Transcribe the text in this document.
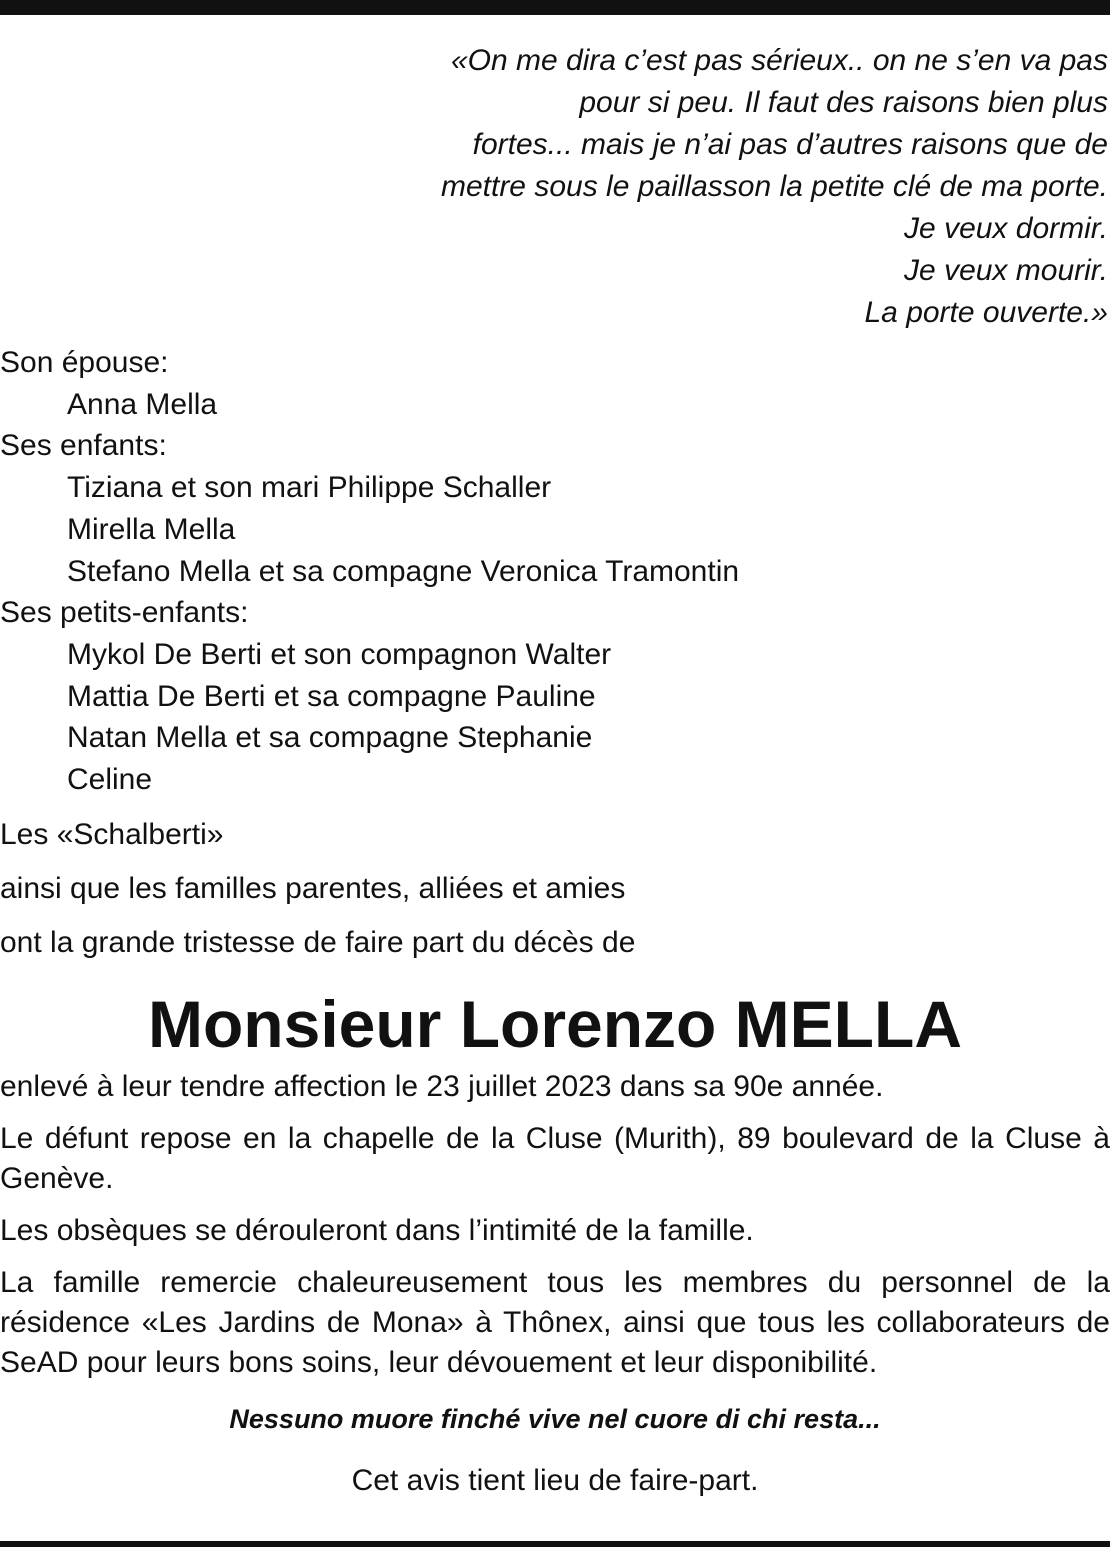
«On me dira c’est pas sérieux.. on ne s’en va pas
pour si peu. Il faut des raisons bien plus
fortes... mais je n’ai pas d’autres raisons que de
mettre sous le paillasson la petite clé de ma porte.
Je veux dormir.
Je veux mourir.
La porte ouverte.»
Son épouse:
Anna Mella
Ses enfants:
Tiziana et son mari Philippe Schaller
Mirella Mella
Stefano Mella et sa compagne Veronica Tramontin
Ses petits-enfants:
Mykol De Berti et son compagnon Walter
Mattia De Berti et sa compagne Pauline
Natan Mella et sa compagne Stephanie
Celine

Les «Schalberti»

ainsi que les familles parentes, alliées et amies

ont la grande tristesse de faire part du décès de

Monsieur Lorenzo MELLA

enlevé à leur tendre affection le 23 juillet 2023 dans sa 90e année.

Le défunt repose en la chapelle de la Cluse (Murith), 89 boulevard de la Cluse à Genève.

Les obsèques se dérouleront dans l’intimité de la famille.

La famille remercie chaleureusement tous les membres du personnel de la résidence «Les Jardins de Mona» à Thônex, ainsi que tous les collaborateurs de SeAD pour leurs bons soins, leur dévouement et leur disponibilité.

Nessuno muore finché vive nel cuore di chi resta...

Cet avis tient lieu de faire-part.
